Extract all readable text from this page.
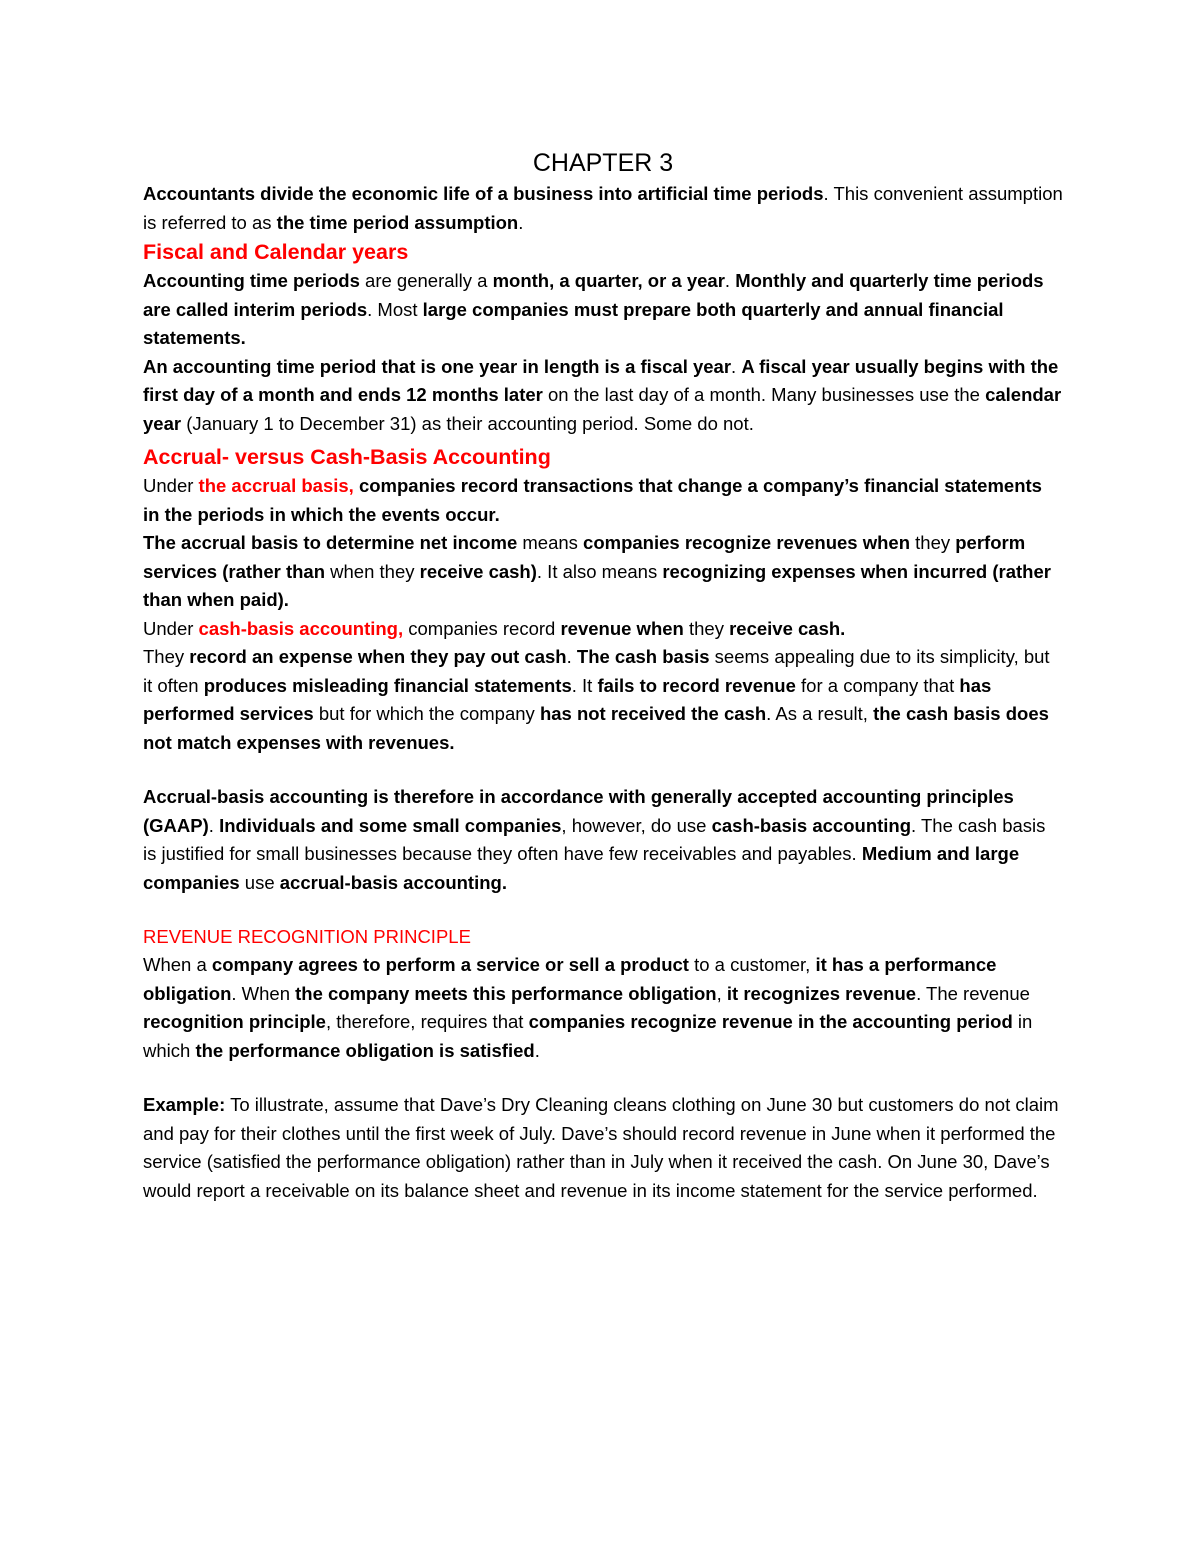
CHAPTER 3

Accountants divide the economic life of a business into artificial time periods. This convenient assumption is referred to as the time period assumption.

Fiscal and Calendar years

Accounting time periods are generally a month, a quarter, or a year. Monthly and quarterly time periods are called interim periods. Most large companies must prepare both quarterly and annual financial statements.

An accounting time period that is one year in length is a fiscal year. A fiscal year usually begins with the first day of a month and ends 12 months later on the last day of a month. Many businesses use the calendar year (January 1 to December 31) as their accounting period. Some do not.

Accrual- versus Cash-Basis Accounting

Under the accrual basis, companies record transactions that change a company’s financial statements in the periods in which the events occur.

The accrual basis to determine net income means companies recognize revenues when they perform services (rather than when they receive cash). It also means recognizing expenses when incurred (rather than when paid).

Under cash-basis accounting, companies record revenue when they receive cash.

They record an expense when they pay out cash. The cash basis seems appealing due to its simplicity, but it often produces misleading financial statements. It fails to record revenue for a company that has performed services but for which the company has not received the cash. As a result, the cash basis does not match expenses with revenues.

Accrual-basis accounting is therefore in accordance with generally accepted accounting principles (GAAP). Individuals and some small companies, however, do use cash-basis accounting. The cash basis is justified for small businesses because they often have few receivables and payables. Medium and large companies use accrual-basis accounting.

REVENUE RECOGNITION PRINCIPLE

When a company agrees to perform a service or sell a product to a customer, it has a performance obligation. When the company meets this performance obligation, it recognizes revenue. The revenue recognition principle, therefore, requires that companies recognize revenue in the accounting period in which the performance obligation is satisfied.

Example: To illustrate, assume that Dave’s Dry Cleaning cleans clothing on June 30 but customers do not claim and pay for their clothes until the first week of July. Dave’s should record revenue in June when it performed the service (satisfied the performance obligation) rather than in July when it received the cash. On June 30, Dave’s would report a receivable on its balance sheet and revenue in its income statement for the service performed.
